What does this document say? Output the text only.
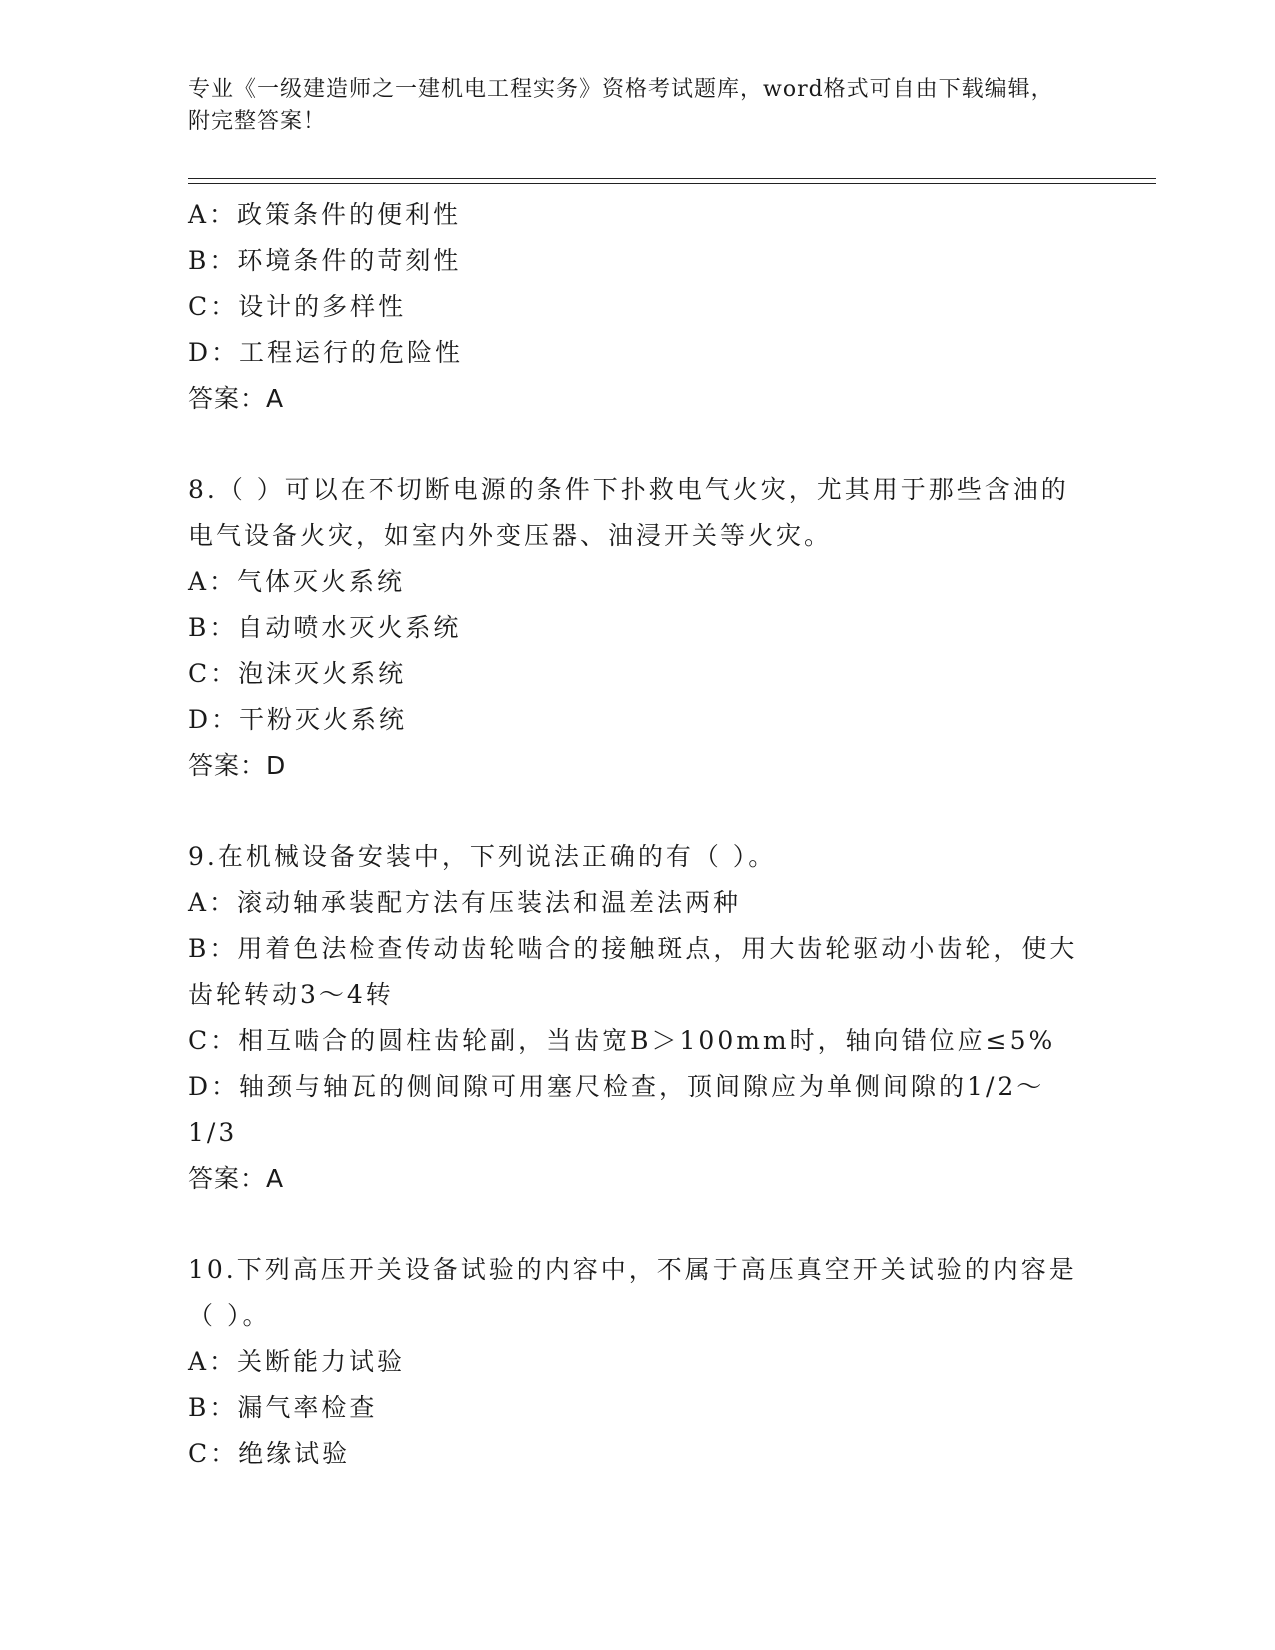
专业《一级建造师之一建机电工程实务》资格考试题库，word格式可自由下载编辑，附完整答案！
A：政策条件的便利性
B：环境条件的苛刻性
C：设计的多样性
D：工程运行的危险性
答案：A
8.（ ）可以在不切断电源的条件下扑救电气火灾，尤其用于那些含油的电气设备火灾，如室内外变压器、油浸开关等火灾。
A：气体灭火系统
B：自动喷水灭火系统
C：泡沫灭火系统
D：干粉灭火系统
答案：D
9.在机械设备安装中，下列说法正确的有（ ）。
A：滚动轴承装配方法有压装法和温差法两种
B：用着色法检查传动齿轮啮合的接触斑点，用大齿轮驱动小齿轮，使大齿轮转动3～4转
C：相互啮合的圆柱齿轮副，当齿宽B＞100mm时，轴向错位应≤5%
D：轴颈与轴瓦的侧间隙可用塞尺检查，顶间隙应为单侧间隙的1/2～1/3
答案：A
10.下列高压开关设备试验的内容中，不属于高压真空开关试验的内容是（ ）。
A：关断能力试验
B：漏气率检查
C：绝缘试验
